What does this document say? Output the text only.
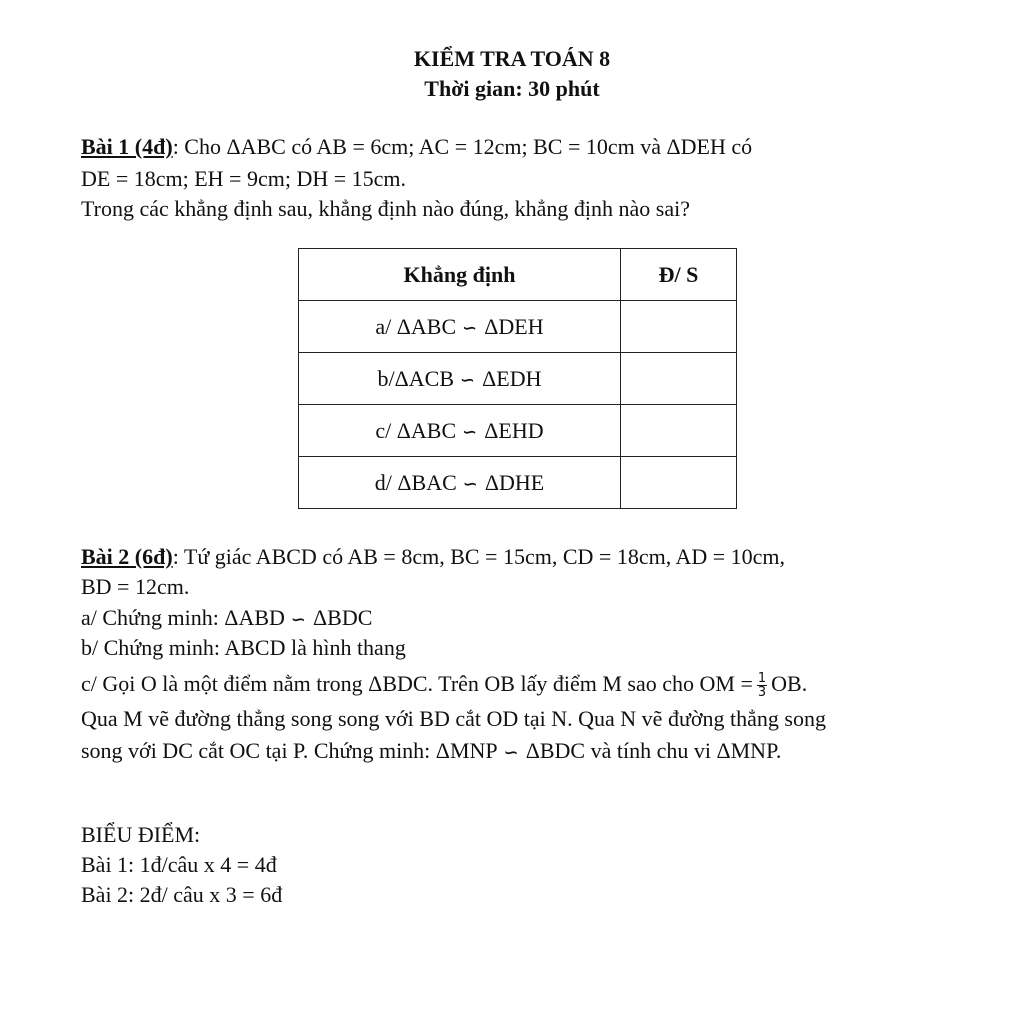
KIỂM TRA TOÁN 8
Thời gian: 30 phút
Bài 1 (4đ): Cho ΔABC có AB = 6cm; AC = 12cm; BC = 10cm và ΔDEH có
DE = 18cm; EH = 9cm; DH = 15cm.
Trong các khẳng định sau, khẳng định nào đúng, khẳng định nào sai?
Khẳng định	Đ/ S
a/ ΔABC ∽ ΔDEH	
b/ΔACB ∽ ΔEDH	
c/ ΔABC ∽ ΔEHD	
d/ ΔBAC ∽ ΔDHE	
Bài 2 (6đ): Tứ giác ABCD có AB = 8cm, BC = 15cm, CD = 18cm, AD = 10cm,
BD = 12cm.
a/ Chứng minh: ΔABD ∽ ΔBDC
b/ Chứng minh: ABCD là hình thang
c/ Gọi O là một điểm nằm trong ΔBDC. Trên OB lấy điểm M sao cho OM = $\frac{1}{3}$ OB.
Qua M vẽ đường thẳng song song với BD cắt OD tại N. Qua N vẽ đường thẳng song
song với DC cắt OC tại P. Chứng minh: ΔMNP ∽ ΔBDC và tính chu vi ΔMNP.
BIỂU ĐIỂM:
Bài 1: 1đ/câu x 4 = 4đ
Bài 2: 2đ/ câu x 3 = 6đ
